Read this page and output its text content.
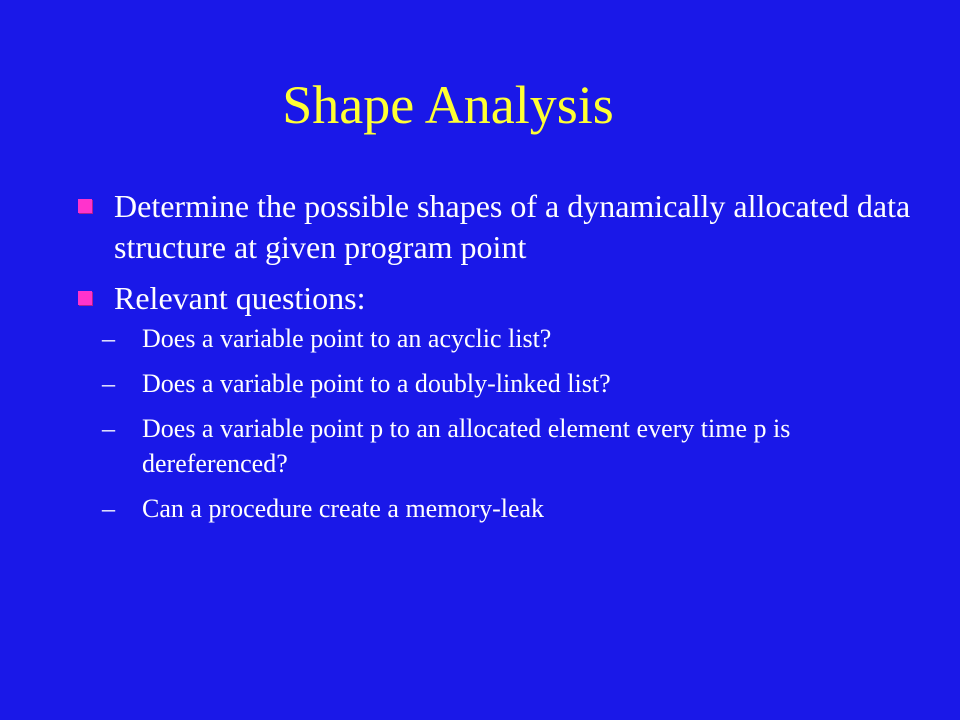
Shape Analysis
Determine the possible shapes of a dynamically allocated data structure at given program point
Relevant questions:
– Does a variable point to an acyclic list?
– Does a variable point to a doubly-linked list?
– Does a variable point p to an allocated element every time p is dereferenced?
– Can a procedure create a memory-leak
